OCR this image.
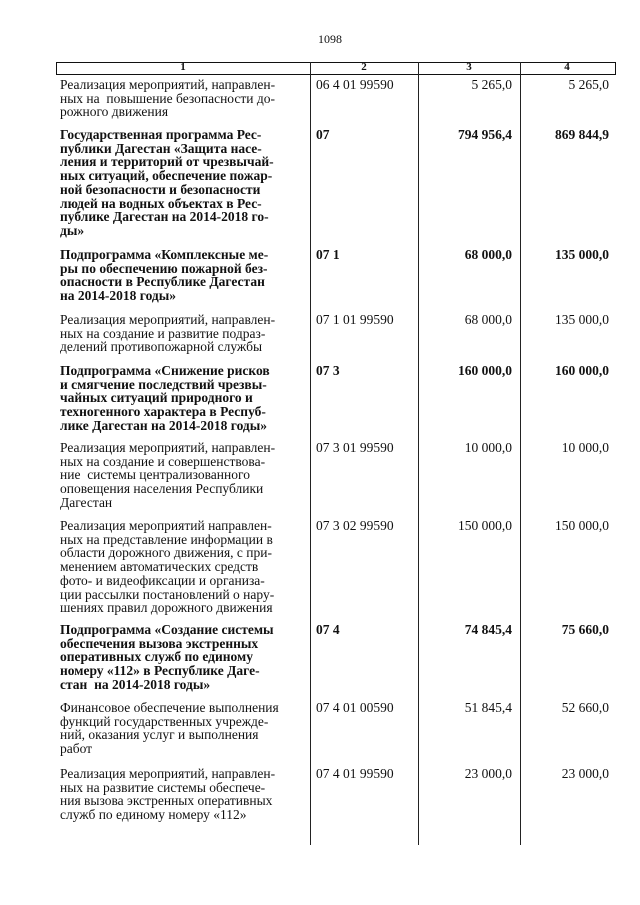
1098
1	2	3	4
Реализация мероприятий, направлен-
ных на  повышение безопасности до-
рожного движения
06 4 01 99590	5 265,0	5 265,0
Государственная программа Рес-
публики Дагестан «Защита насе-
ления и территорий от чрезвычай-
ных ситуаций, обеспечение пожар-
ной безопасности и безопасности
людей на водных объектах в Рес-
публике Дагестан на 2014-2018 го-
ды»
07	794 956,4	869 844,9
Подпрограмма «Комплексные ме-
ры по обеспечению пожарной без-
опасности в Республике Дагестан
на 2014-2018 годы»
07 1	68 000,0	135 000,0
Реализация мероприятий, направлен-
ных на создание и развитие подраз-
делений противопожарной службы
07 1 01 99590	68 000,0	135 000,0
Подпрограмма «Снижение рисков
и смягчение последствий чрезвы-
чайных ситуаций природного и
техногенного характера в Респуб-
лике Дагестан на 2014-2018 годы»
07 3	160 000,0	160 000,0
Реализация мероприятий, направлен-
ных на создание и совершенствова-
ние  системы централизованного
оповещения населения Республики
Дагестан
07 3 01 99590	10 000,0	10 000,0
Реализация мероприятий направлен-
ных на представление информации в
области дорожного движения, с при-
менением автоматических средств
фото- и видеофиксации и организа-
ции рассылки постановлений о нару-
шениях правил дорожного движения
07 3 02 99590	150 000,0	150 000,0
Подпрограмма «Создание системы
обеспечения вызова экстренных
оперативных служб по единому
номеру «112» в Республике Даге-
стан  на 2014-2018 годы»
07 4	74 845,4	75 660,0
Финансовое обеспечение выполнения
функций государственных учрежде-
ний, оказания услуг и выполнения
работ
07 4 01 00590	51 845,4	52 660,0
Реализация мероприятий, направлен-
ных на развитие системы обеспече-
ния вызова экстренных оперативных
служб по единому номеру «112»
07 4 01 99590	23 000,0	23 000,0
